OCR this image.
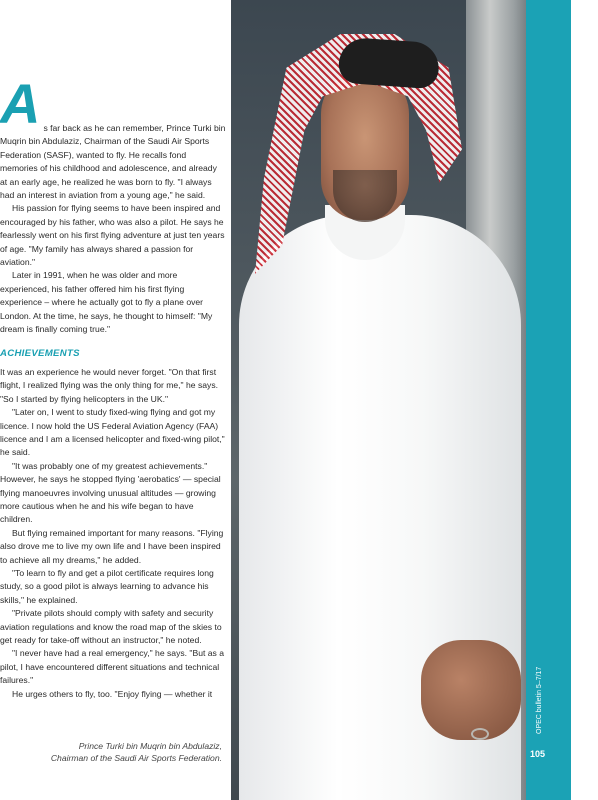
A s far back as he can remember, Prince Turki bin Muqrin bin Abdulaziz, Chairman of the Saudi Air Sports Federation (SASF), wanted to fly. He recalls fond memories of his childhood and adolescence, and already at an early age, he realized he was born to fly. "I always had an interest in aviation from a young age," he said.

His passion for flying seems to have been inspired and encouraged by his father, who was also a pilot. He says he fearlessly went on his first flying adventure at just ten years of age. "My family has always shared a passion for aviation."

Later in 1991, when he was older and more experienced, his father offered him his first flying experience – where he actually got to fly a plane over London. At the time, he says, he thought to himself: "My dream is finally coming true."

ACHIEVEMENTS

It was an experience he would never forget. "On that first flight, I realized flying was the only thing for me," he says. "So I started by flying helicopters in the UK."

"Later on, I went to study fixed-wing flying and got my licence. I now hold the US Federal Aviation Agency (FAA) licence and I am a licensed helicopter and fixed-wing pilot," he said.

"It was probably one of my greatest achievements." However, he says he stopped flying 'aerobatics' — special flying manoeuvres involving unusual altitudes — growing more cautious when he and his wife began to have children.

But flying remained important for many reasons. "Flying also drove me to live my own life and I have been inspired to achieve all my dreams," he added.

"To learn to fly and get a pilot certificate requires long study, so a good pilot is always learning to advance his skills," he explained.

"Private pilots should comply with safety and security aviation regulations and know the road map of the skies to get ready for take-off without an instructor," he noted.

"I never have had a real emergency," he says. "But as a pilot, I have encountered different situations and technical failures."

He urges others to fly, too. "Enjoy flying — whether it

Prince Turki bin Muqrin bin Abdulaziz,
Chairman of the Saudi Air Sports Federation.
OPEC bulletin 5–7/17
105
